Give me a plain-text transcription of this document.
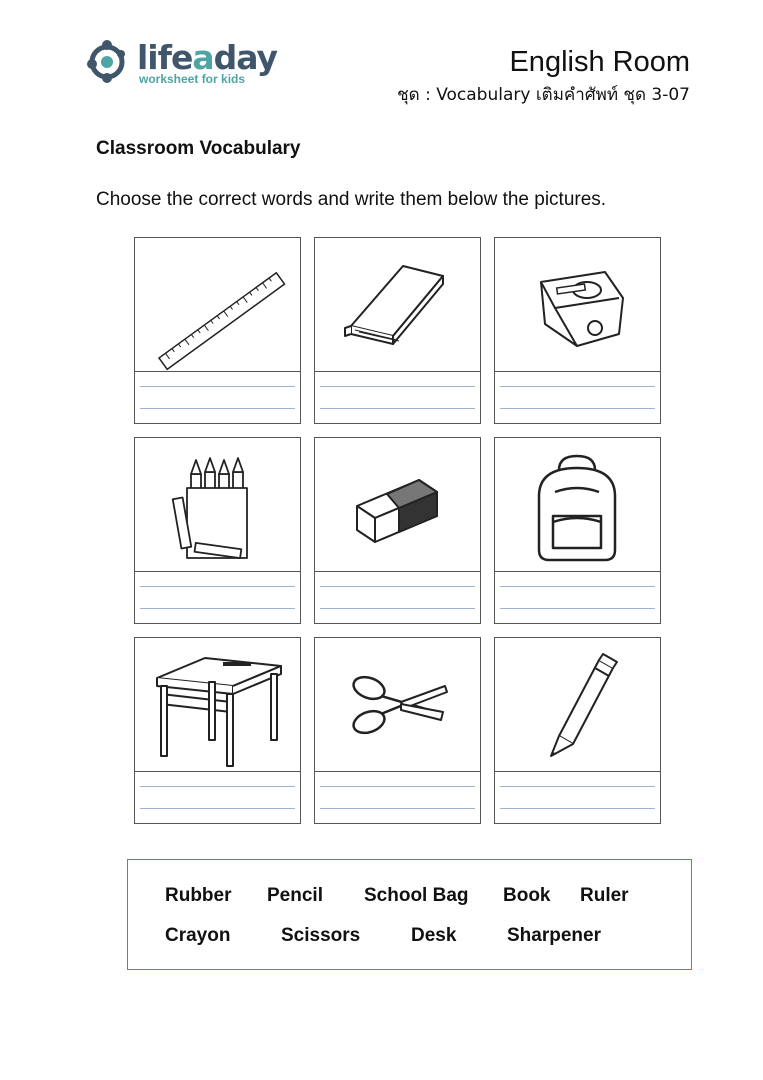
lifeaday
worksheet for kids
English Room
ชุด : Vocabulary เติมคำศัพท์ ชุด 3-07
Classroom Vocabulary
Choose the correct words and write them below the pictures.
Rubber Pencil School Bag Book Ruler
Crayon	Scissors	Desk	Sharpener
